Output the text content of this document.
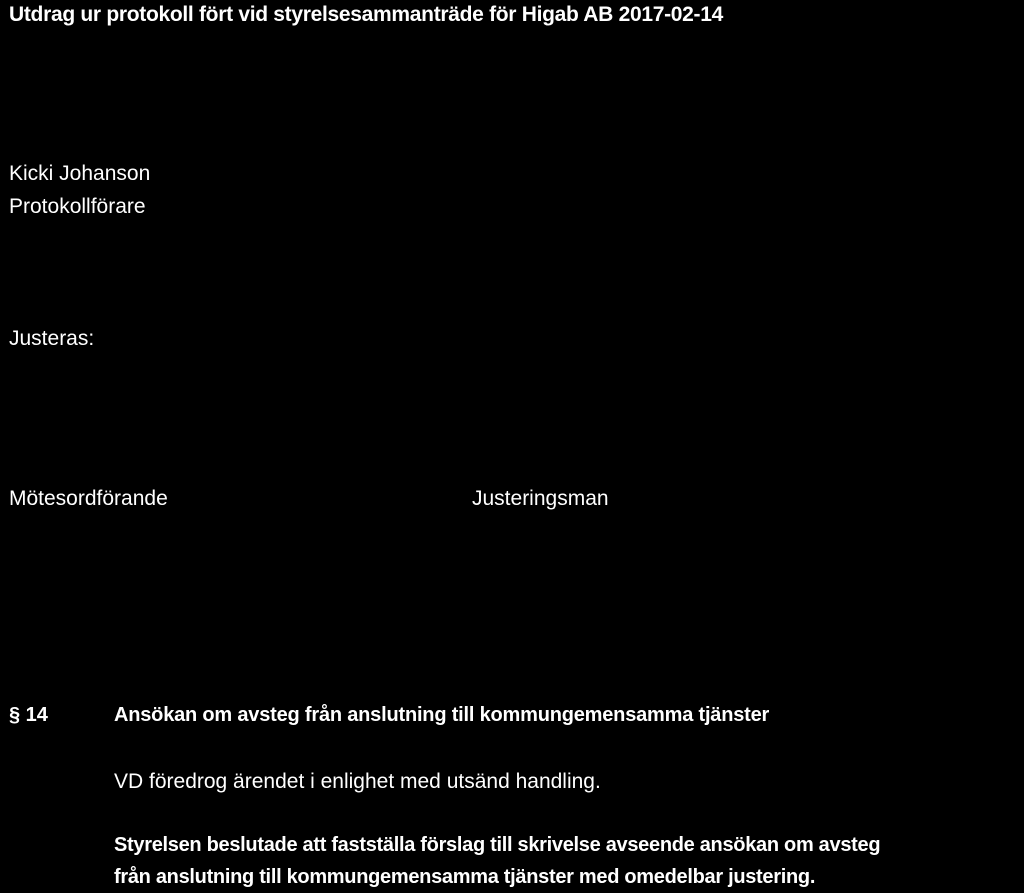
Utdrag ur protokoll fört vid styrelsesammanträde för Higab AB 2017-02-14
Kicki Johanson
Protokollförare
Justeras:
Mötesordförande	Justeringsman
§ 14	Ansökan om avsteg från anslutning till kommungemensamma tjänster
VD föredrog ärendet i enlighet med utsänd handling.
Styrelsen beslutade att fastställa förslag till skrivelse avseende ansökan om avsteg
från anslutning till kommungemensamma tjänster med omedelbar justering.
